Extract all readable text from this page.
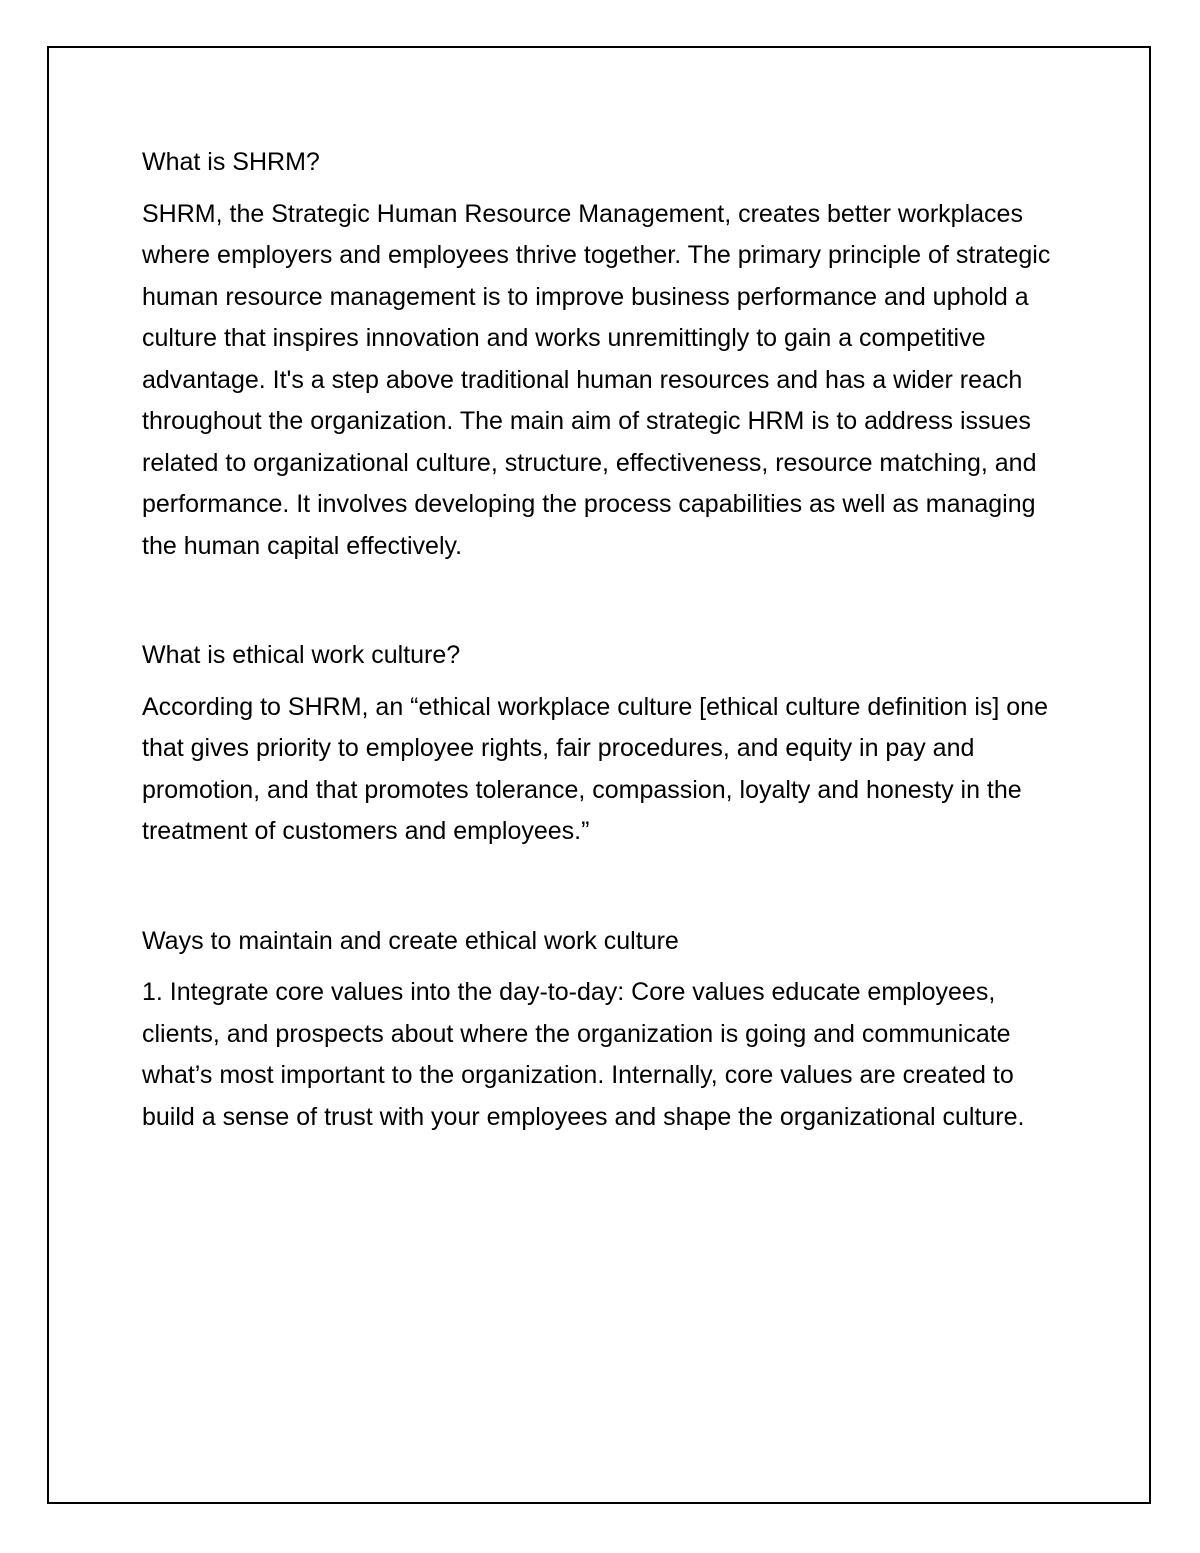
What is SHRM?

SHRM, the Strategic Human Resource Management, creates better workplaces where employers and employees thrive together. The primary principle of strategic human resource management is to improve business performance and uphold a culture that inspires innovation and works unremittingly to gain a competitive advantage. It's a step above traditional human resources and has a wider reach throughout the organization. The main aim of strategic HRM is to address issues related to organizational culture, structure, effectiveness, resource matching, and performance. It involves developing the process capabilities as well as managing the human capital effectively.

What is ethical work culture?

According to SHRM, an “ethical workplace culture [ethical culture definition is] one that gives priority to employee rights, fair procedures, and equity in pay and promotion, and that promotes tolerance, compassion, loyalty and honesty in the treatment of customers and employees.”

Ways to maintain and create ethical work culture

1. Integrate core values into the day-to-day: Core values educate employees, clients, and prospects about where the organization is going and communicate what’s most important to the organization. Internally, core values are created to build a sense of trust with your employees and shape the organizational culture.
